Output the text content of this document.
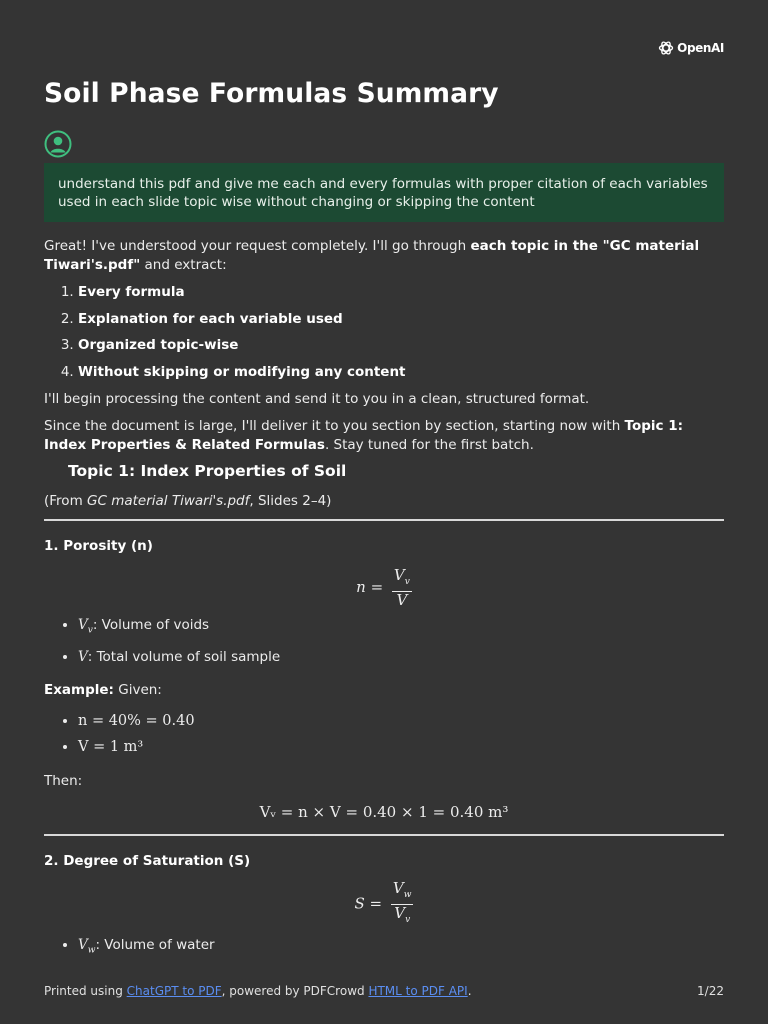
OpenAI
Soil Phase Formulas Summary
understand this pdf and give me each and every formulas with proper citation of each variables used in each slide topic wise without changing or skipping the content

Great! I've understood your request completely. I'll go through each topic in the "GC material Tiwari's.pdf" and extract:

1. Every formula
2. Explanation for each variable used
3. Organized topic-wise
4. Without skipping or modifying any content

I'll begin processing the content and send it to you in a clean, structured format.

Since the document is large, I'll deliver it to you section by section, starting now with Topic 1: Index Properties & Related Formulas. Stay tuned for the first batch.

Topic 1: Index Properties of Soil

(From GC material Tiwari's.pdf, Slides 2–4)

1. Porosity (n)
$n = \frac{V_v}{V}$
• $V_v$: Volume of voids
• V: Total volume of soil sample

Example: Given:

• n = 40% = 0.40
• V = 1 m³

Then:

Vᵥ = n × V = 0.40 × 1 = 0.40 m³
2. Degree of Saturation (S)
$S = \frac{V_w}{V_v}$
• $V_w$: Volume of water
Printed using ChatGPT to PDF, powered by PDFCrowd HTML to PDF API.	1/22
